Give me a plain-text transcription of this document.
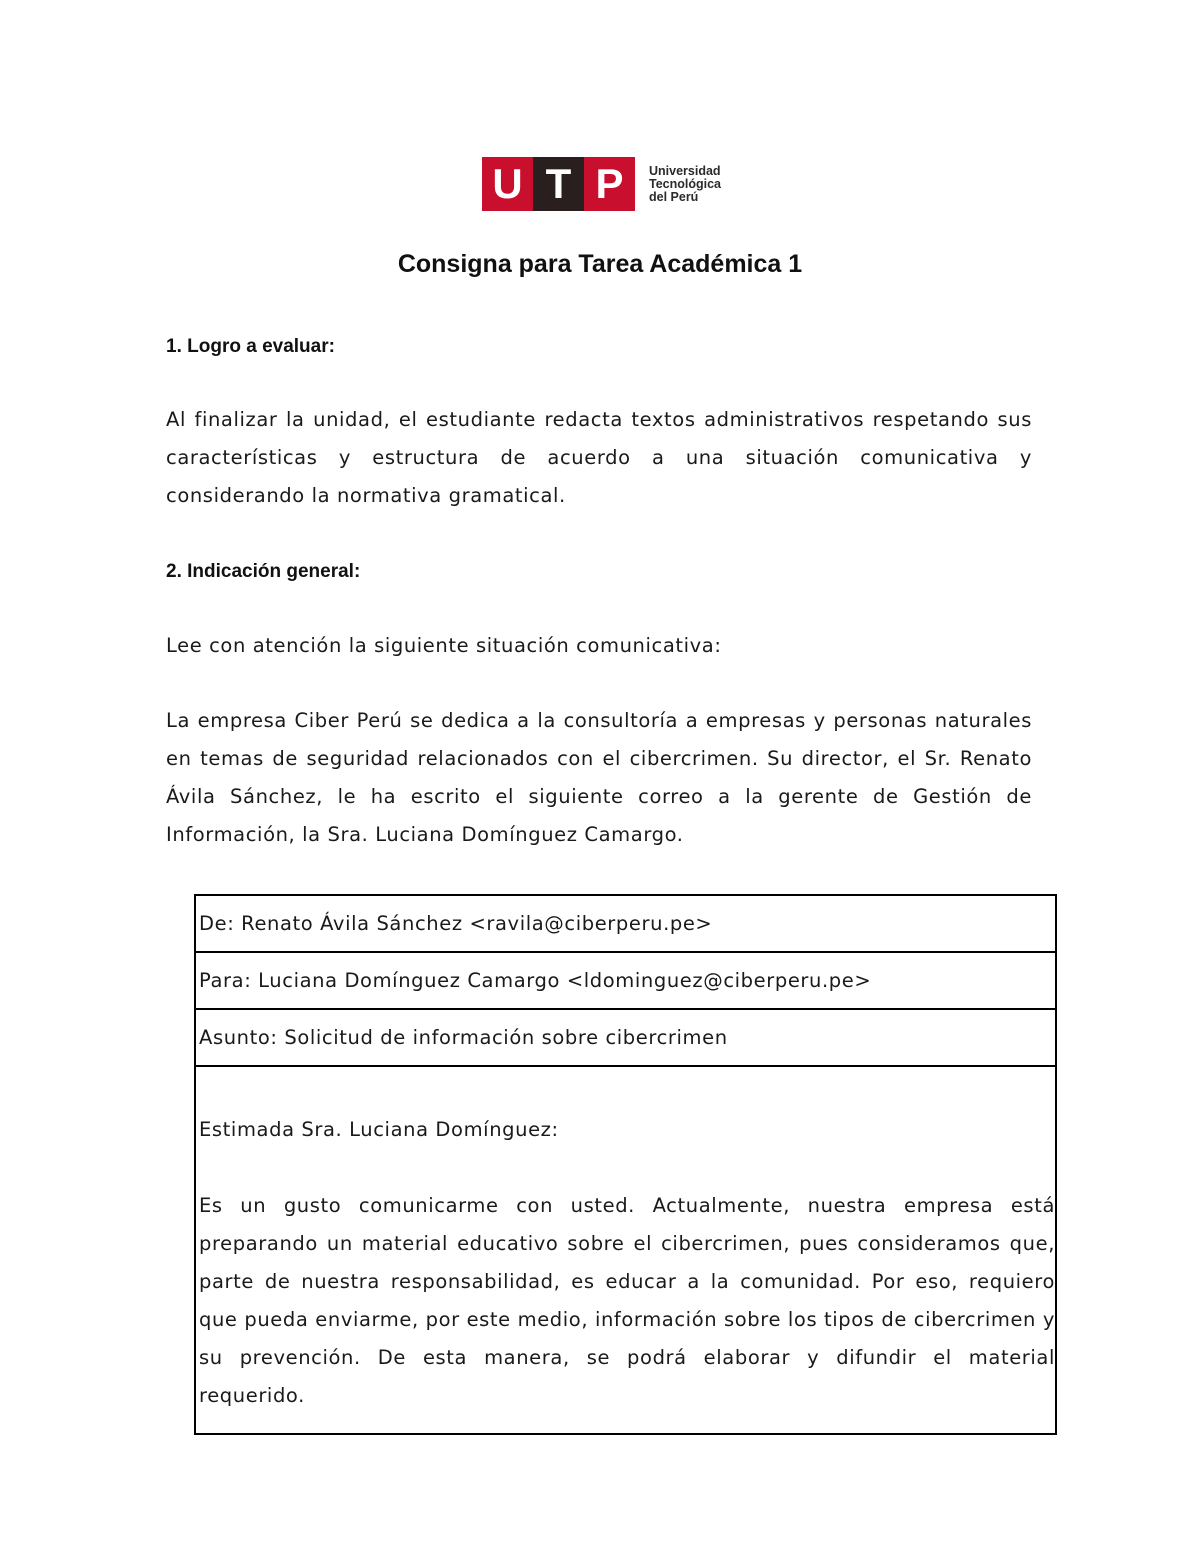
U T P	Universidad
Tecnológica
del Perú
Consigna para Tarea Académica 1
1. Logro a evaluar:
Al finalizar la unidad, el estudiante redacta textos administrativos respetando sus características y estructura de acuerdo a una situación comunicativa y considerando la normativa gramatical.
2. Indicación general:
Lee con atención la siguiente situación comunicativa:
La empresa Ciber Perú se dedica a la consultoría a empresas y personas naturales en temas de seguridad relacionados con el cibercrimen. Su director, el Sr. Renato Ávila Sánchez, le ha escrito el siguiente correo a la gerente de Gestión de Información, la Sra. Luciana Domínguez Camargo.
De: Renato Ávila Sánchez <ravila@ciberperu.pe>
Para: Luciana Domínguez Camargo <ldominguez@ciberperu.pe>
Asunto: Solicitud de información sobre cibercrimen
Estimada Sra. Luciana Domínguez:
Es un gusto comunicarme con usted. Actualmente, nuestra empresa está preparando un material educativo sobre el cibercrimen, pues consideramos que, parte de nuestra responsabilidad, es educar a la comunidad. Por eso, requiero que pueda enviarme, por este medio, información sobre los tipos de cibercrimen y su prevención. De esta manera, se podrá elaborar y difundir el material requerido.
